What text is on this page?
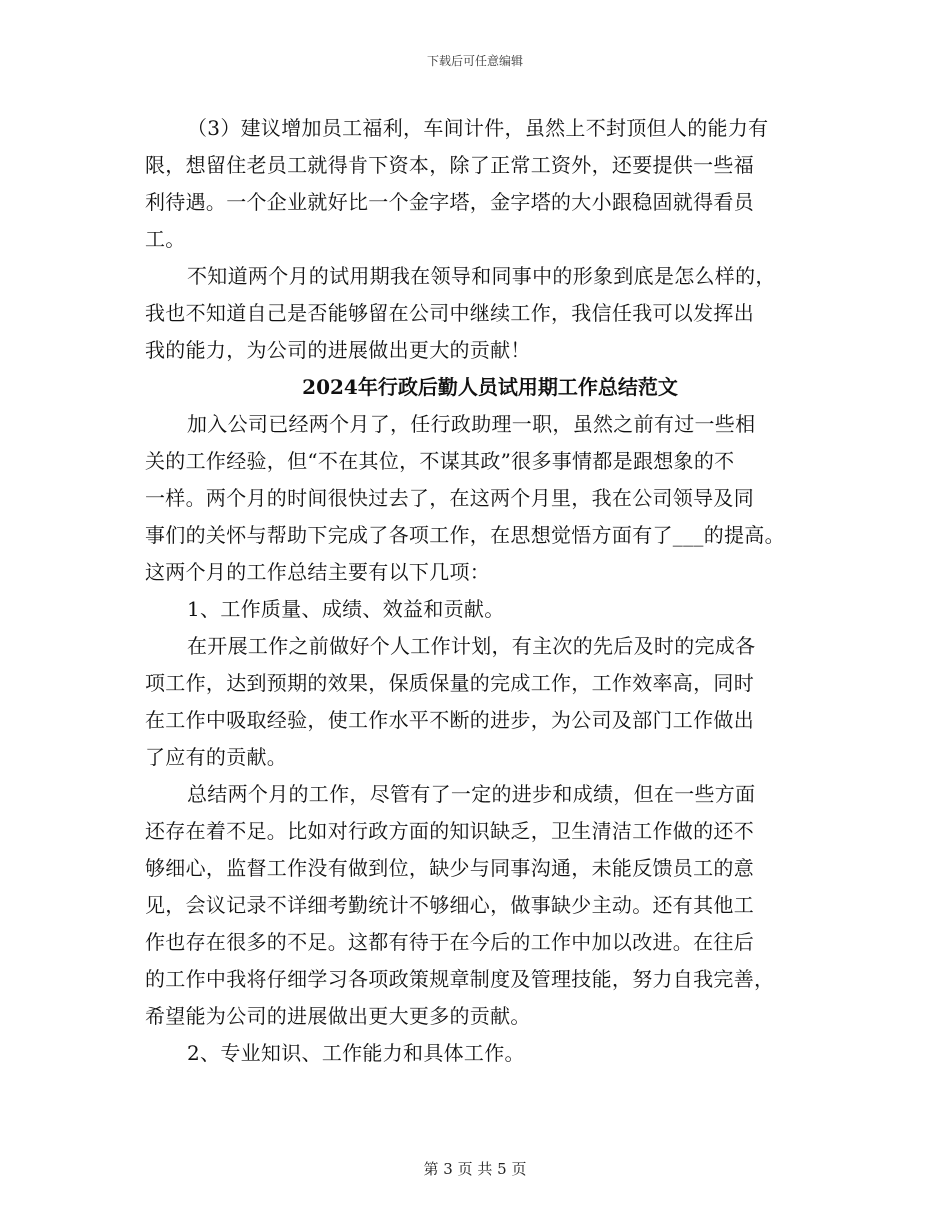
下载后可任意编辑
（3）建议增加员工福利，车间计件，虽然上不封顶但人的能力有
限，想留住老员工就得肯下资本，除了正常工资外，还要提供一些福
利待遇。一个企业就好比一个金字塔，金字塔的大小跟稳固就得看员
工。
不知道两个月的试用期我在领导和同事中的形象到底是怎么样的，
我也不知道自己是否能够留在公司中继续工作，我信任我可以发挥出
我的能力，为公司的进展做出更大的贡献！
2024年行政后勤人员试用期工作总结范文
加入公司已经两个月了，任行政助理一职，虽然之前有过一些相
关的工作经验，但“不在其位，不谋其政”很多事情都是跟想象的不
一样。两个月的时间很快过去了，在这两个月里，我在公司领导及同
事们的关怀与帮助下完成了各项工作，在思想觉悟方面有了___的提高。
这两个月的工作总结主要有以下几项：
1、工作质量、成绩、效益和贡献。
在开展工作之前做好个人工作计划，有主次的先后及时的完成各
项工作，达到预期的效果，保质保量的完成工作，工作效率高，同时
在工作中吸取经验，使工作水平不断的进步，为公司及部门工作做出
了应有的贡献。
总结两个月的工作，尽管有了一定的进步和成绩，但在一些方面
还存在着不足。比如对行政方面的知识缺乏，卫生清洁工作做的还不
够细心，监督工作没有做到位，缺少与同事沟通，未能反馈员工的意
见，会议记录不详细考勤统计不够细心，做事缺少主动。还有其他工
作也存在很多的不足。这都有待于在今后的工作中加以改进。在往后
的工作中我将仔细学习各项政策规章制度及管理技能，努力自我完善，
希望能为公司的进展做出更大更多的贡献。
2、专业知识、工作能力和具体工作。
第 3 页 共 5 页
